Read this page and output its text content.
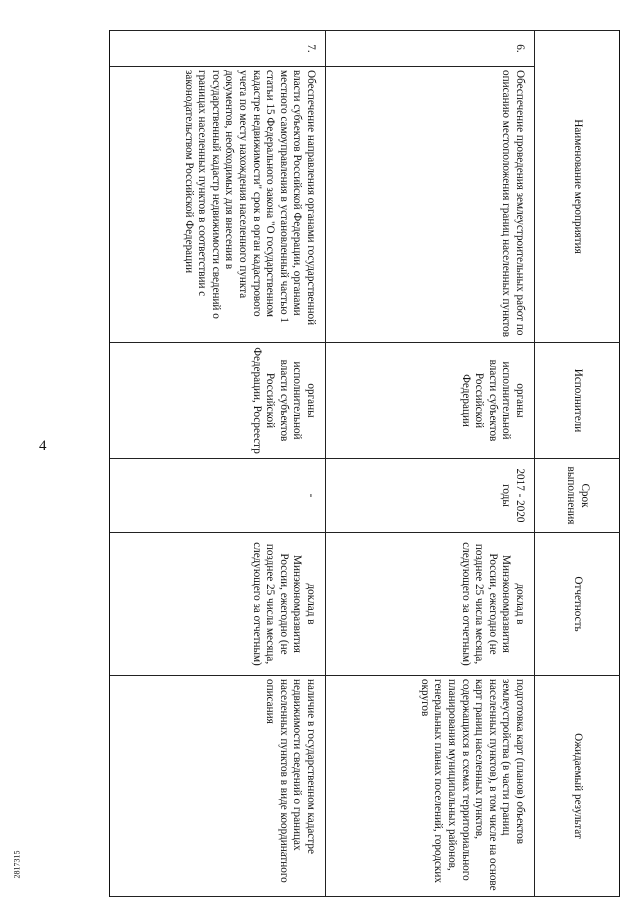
4
2817315
Наименование мероприятия		Исполнители	Срок выполнения	Отчетность	Ожидаемый результат

6.	Обеспечение проведения землеустроительных работ по описанию местоположения границ населенных пунктов	органы исполнительной власти субъектов Российской Федерации	2017 - 2020 годы	доклад в Минэкономразвития России, ежегодно (не позднее 25 числа месяца, следующего за отчетным)	подготовка карт (планов) объектов землеустройства (в части границ населенных пунктов), в том числе на основе карт границ населенных пунктов, содержащихся в схемах территориального планирования муниципальных районов, генеральных планах поселений, городских округов

7.	Обеспечение направления органами государственной власти субъектов Российской Федерации, органами местного самоуправления в установленный частью 1 статьи 15 Федерального закона "О государственном кадастре недвижимости" срок в орган кадастрового учета по месту нахождения населенного пункта документов, необходимых для внесения в государственный кадастр недвижимости сведений о границах населенных пунктов в соответствии с законодательством Российской Федерации	органы исполнительной власти субъектов Российской Федерации, Росреестр	-	доклад в Минэкономразвития России, ежегодно (не позднее 25 числа месяца, следующего за отчетным)	наличие в государственном кадастре недвижимости сведений о границах населенных пунктов в виде координатного описания
